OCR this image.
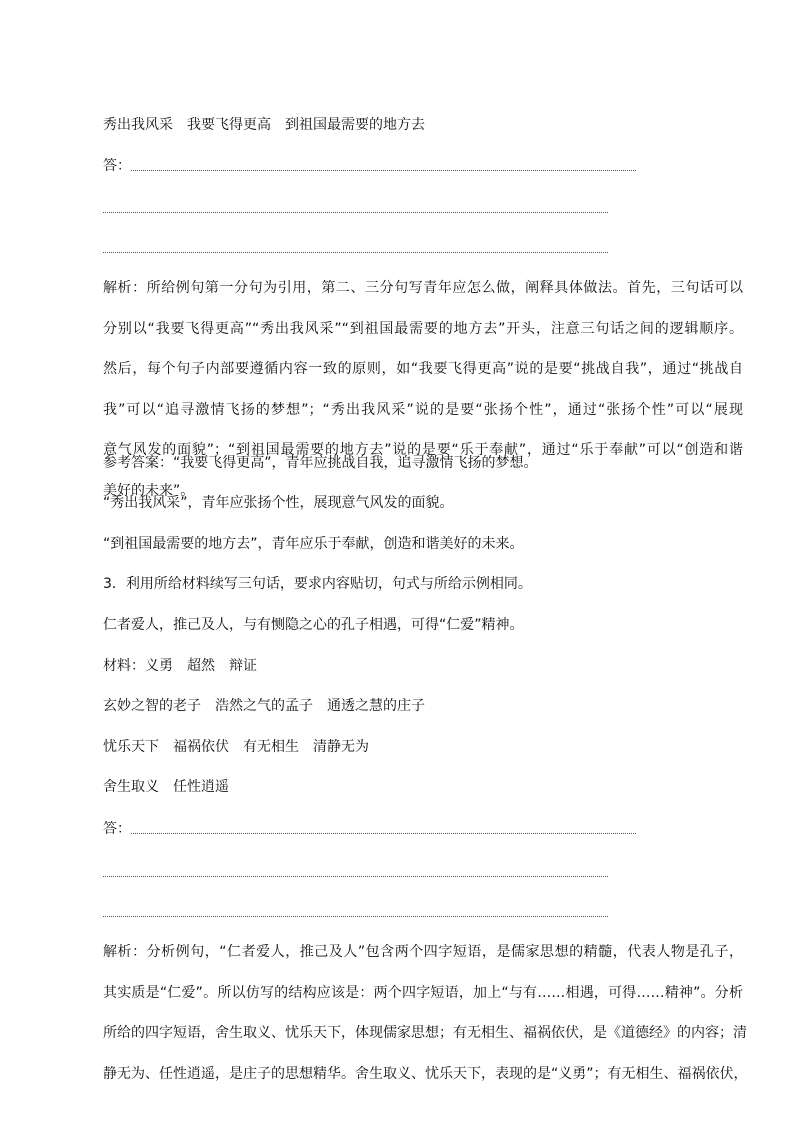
秀出我风采　我要飞得更高　到祖国最需要的地方去
答：
解析：所给例句第一分句为引用，第二、三分句写青年应怎么做，阐释具体做法。首先，三句话可以
分别以“我要飞得更高”“秀出我风采”“到祖国最需要的地方去”开头，注意三句话之间的逻辑顺序。
然后，每个句子内部要遵循内容一致的原则，如“我要飞得更高”说的是要“挑战自我”，通过“挑战自
我”可以“追寻激情飞扬的梦想”；“秀出我风采”说的是要“张扬个性”，通过“张扬个性”可以“展现
意气风发的面貌”；“到祖国最需要的地方去”说的是要“乐于奉献”，通过“乐于奉献”可以“创造和谐
美好的未来”。
参考答案：“我要飞得更高”，青年应挑战自我，追寻激情飞扬的梦想。
“秀出我风采”，青年应张扬个性，展现意气风发的面貌。
“到祖国最需要的地方去”，青年应乐于奉献，创造和谐美好的未来。
3．利用所给材料续写三句话，要求内容贴切，句式与所给示例相同。
仁者爱人，推己及人，与有恻隐之心的孔子相遇，可得“仁爱”精神。
材料：义勇　超然　辩证
玄妙之智的老子　浩然之气的孟子　通透之慧的庄子
忧乐天下　福祸依伏　有无相生　清静无为
舍生取义　任性逍遥
答：
解析：分析例句，“仁者爱人，推己及人”包含两个四字短语，是儒家思想的精髓，代表人物是孔子，
其实质是“仁爱”。所以仿写的结构应该是：两个四字短语，加上“与有……相遇，可得……精神”。分析
所给的四字短语，舍生取义、忧乐天下，体现儒家思想；有无相生、福祸依伏，是《道德经》的内容；清
静无为、任性逍遥，是庄子的思想精华。舍生取义、忧乐天下，表现的是“义勇”；有无相生、福祸依伏，
